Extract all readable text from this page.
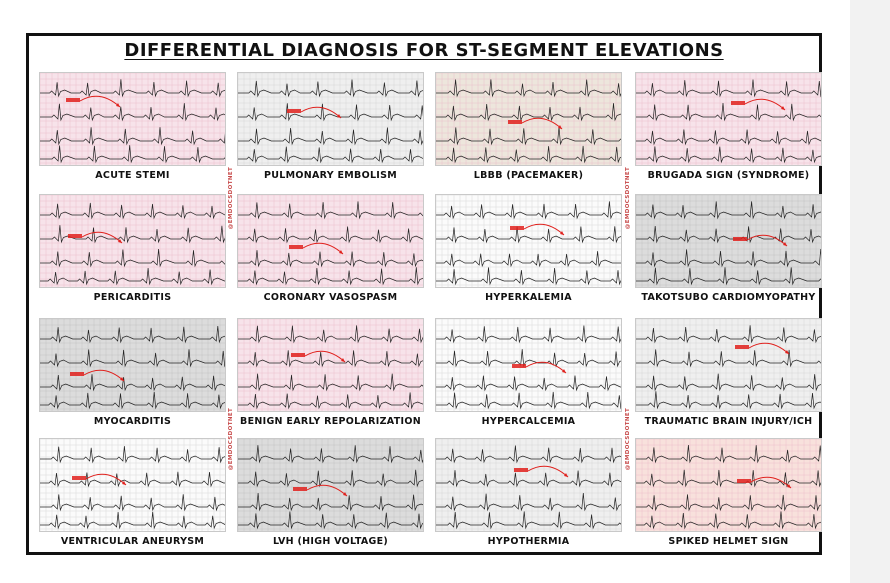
DIFFERENTIAL DIAGNOSIS FOR ST-SEGMENT ELEVATIONS
ACUTE STEMI	PULMONARY EMBOLISM	LBBB (PACEMAKER)	BRUGADA SIGN (SYNDROME)
PERICARDITIS	CORONARY VASOSPASM	HYPERKALEMIA	TAKOTSUBO CARDIOMYOPATHY
MYOCARDITIS	BENIGN EARLY REPOLARIZATION	HYPERCALCEMIA	TRAUMATIC BRAIN INJURY/ICH
VENTRICULAR ANEURYSM	LVH (HIGH VOLTAGE)	HYPOTHERMIA	SPIKED HELMET SIGN
@EMDOCSDOTNET	@EMDOCSDOTNET
@EMDOCSDOTNET	@EMDOCSDOTNET
